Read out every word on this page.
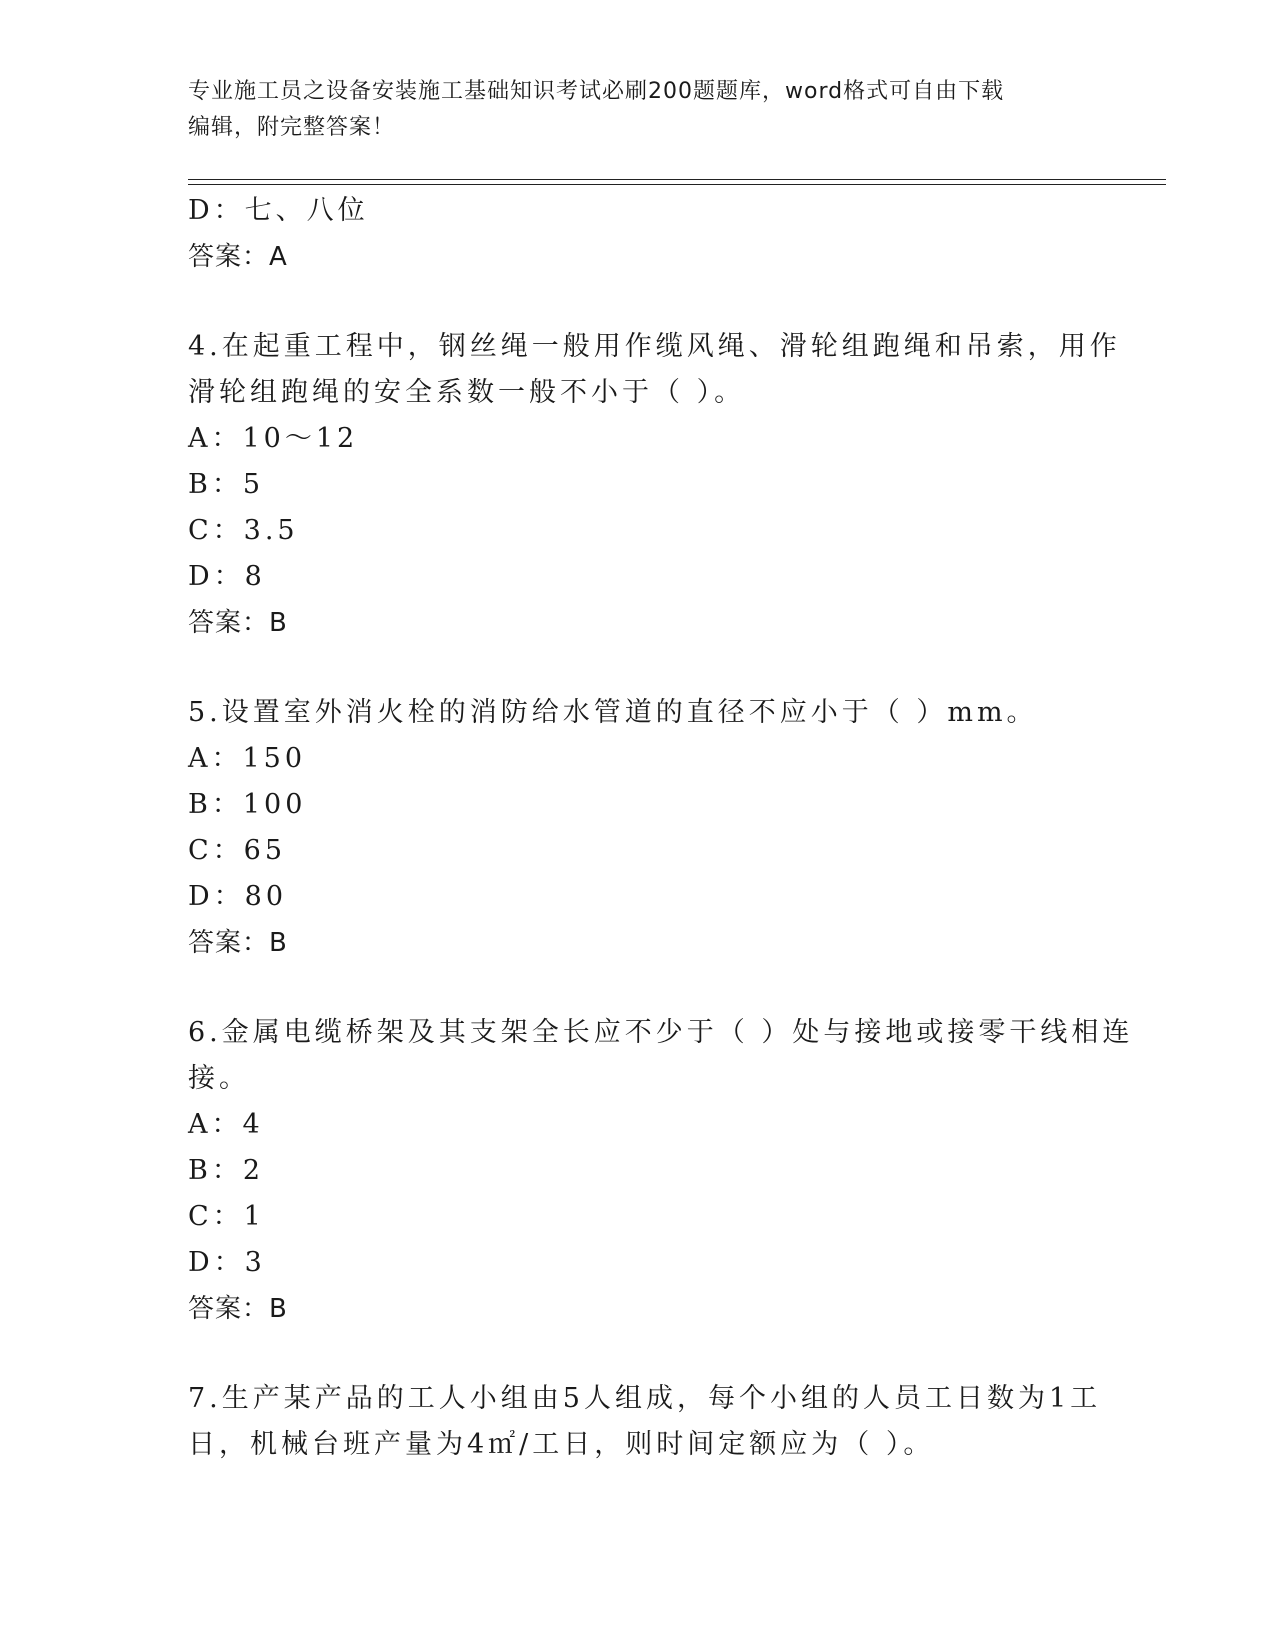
专业施工员之设备安装施工基础知识考试必刷200题题库，word格式可自由下载
编辑，附完整答案！
D：七、八位
答案：A
4.在起重工程中，钢丝绳一般用作缆风绳、滑轮组跑绳和吊索，用作
滑轮组跑绳的安全系数一般不小于（ ）。
A：10～12
B：5
C：3.5
D：8
答案：B
5.设置室外消火栓的消防给水管道的直径不应小于（ ）mm。
A：150
B：100
C：65
D：80
答案：B
6.金属电缆桥架及其支架全长应不少于（ ）处与接地或接零干线相连
接。
A：4
B：2
C：1
D：3
答案：B
7.生产某产品的工人小组由5人组成，每个小组的人员工日数为1工
日，机械台班产量为4㎡/工日，则时间定额应为（ ）。
